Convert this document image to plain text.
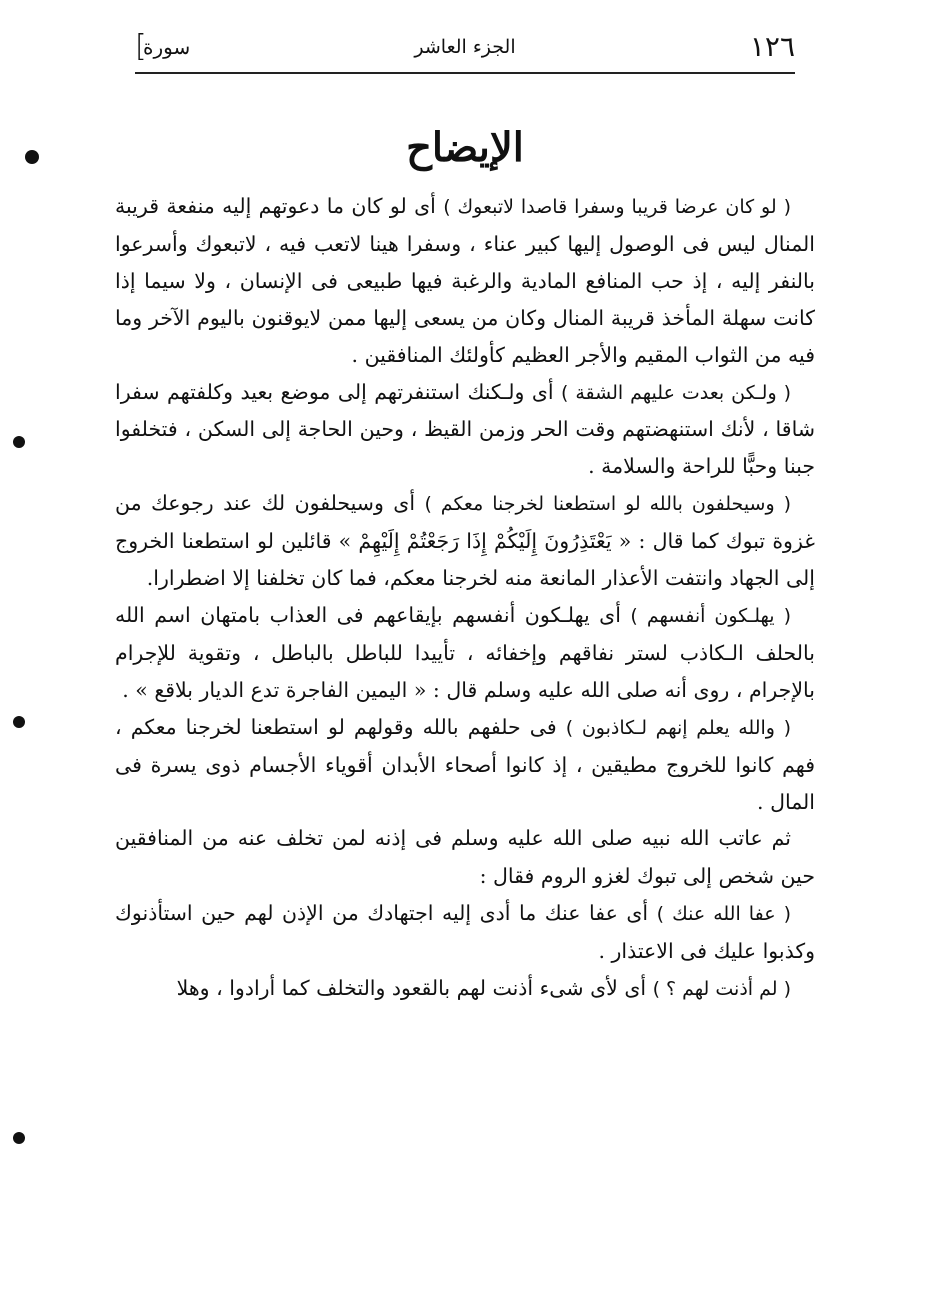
١٢٦
الجزء العاشر
سورة
[
الإيضاح

( لو كان عرضا قريبا وسفرا قاصدا لاتبعوك ) أى لو كان ما دعوتهم إليه منفعة قريبة المنال ليس فى الوصول إليها كبير عناء ، وسفرا هينا لاتعب فيه ، لاتبعوك وأسرعوا بالنفر إليه ، إذ حب المنافع المادية والرغبة فيها طبيعى فى الإنسان ، ولا سيما إذا كانت سهلة المأخذ قريبة المنال وكان من يسعى إليها ممن لايوقنون باليوم الآخر وما فيه من الثواب المقيم والأجر العظيم كأولئك المنافقين .

( ولـكن بعدت عليهم الشقة ) أى ولـكنك استنفرتهم إلى موضع بعيد وكلفتهم سفرا شاقا ، لأنك استنهضتهم وقت الحر وزمن القيظ ، وحين الحاجة إلى السكن ، فتخلفوا جبنا وحبًّا للراحة والسلامة .

( وسيحلفون بالله لو استطعنا لخرجنا معكم ) أى وسيحلفون لك عند رجوعك من غزوة تبوك كما قال : « يَعْتَذِرُونَ إِلَيْكُمْ إِذَا رَجَعْتُمْ إِلَيْهِمْ » قائلين لو استطعنا الخروج إلى الجهاد وانتفت الأعذار المانعة منه لخرجنا معكم، فما كان تخلفنا إلا اضطرارا.

( يهلـكون أنفسهم ) أى يهلـكون أنفسهم بإيقاعهم فى العذاب بامتهان اسم الله بالحلف الـكاذب لستر نفاقهم وإخفائه ، تأييدا للباطل بالباطل ، وتقوية للإجرام بالإجرام ، روى أنه صلى الله عليه وسلم قال : « اليمين الفاجرة تدع الديار بلاقع » .

( والله يعلم إنهم لـكاذبون ) فى حلفهم بالله وقولهم لو استطعنا لخرجنا معكم ، فهم كانوا للخروج مطيقين ، إذ كانوا أصحاء الأبدان أقوياء الأجسام ذوى يسرة فى المال .

ثم عاتب الله نبيه صلى الله عليه وسلم فى إذنه لمن تخلف عنه من المنافقين حين شخص إلى تبوك لغزو الروم فقال :

( عفا الله عنك ) أى عفا عنك ما أدى إليه اجتهادك من الإذن لهم حين استأذنوك وكذبوا عليك فى الاعتذار .

( لم أذنت لهم ؟ ) أى لأى شىء أذنت لهم بالقعود والتخلف كما أرادوا ، وهلا
